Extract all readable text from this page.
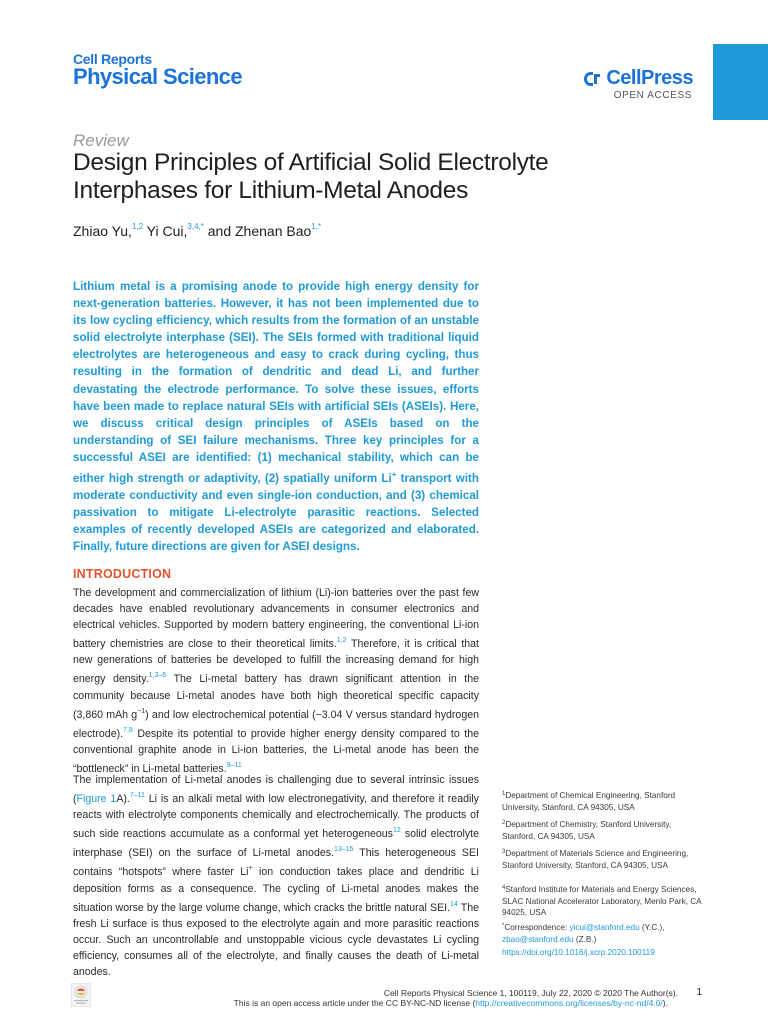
Cell Reports
Physical Science	CellPress
OPEN ACCESS
Review
Design Principles of Artificial Solid Electrolyte Interphases for Lithium-Metal Anodes
Zhiao Yu,$^{1,2}$ Yi Cui,$^{3,4,*}$ and Zhenan Bao$^{1,*}$
Lithium metal is a promising anode to provide high energy density for next-generation batteries. However, it has not been implemented due to its low cycling efficiency, which results from the formation of an unstable solid electrolyte interphase (SEI). The SEIs formed with traditional liquid electrolytes are heterogeneous and easy to crack during cycling, thus resulting in the formation of dendritic and dead Li, and further devastating the electrode performance. To solve these issues, efforts have been made to replace natural SEIs with artificial SEIs (ASEIs). Here, we discuss critical design principles of ASEIs based on the understanding of SEI failure mechanisms. Three key principles for a successful ASEI are identified: (1) mechanical stability, which can be either high strength or adaptivity, (2) spatially uniform Li+ transport with moderate conductivity and even single-ion conduction, and (3) chemical passivation to mitigate Li-electrolyte parasitic reactions. Selected examples of recently developed ASEIs are categorized and elaborated. Finally, future directions are given for ASEI designs.
INTRODUCTION
The development and commercialization of lithium (Li)-ion batteries over the past few decades have enabled revolutionary advancements in consumer electronics and electrical vehicles. Supported by modern battery engineering, the conventional Li-ion battery chemistries are close to their theoretical limits.$^{1,2}$ Therefore, it is critical that new generations of batteries be developed to fulfill the increasing demand for high energy density.$^{1,3-6}$ The Li-metal battery has drawn significant attention in the community because Li-metal anodes have both high theoretical specific capacity (3,860 mAh $g^{-1}$) and low electrochemical potential (−3.04 V versus standard hydrogen electrode).$^{7,8}$ Despite its potential to provide higher energy density compared to the conventional graphite anode in Li-ion batteries, the Li-metal anode has been the “bottleneck” in Li-metal batteries.$^{9-11}$
The implementation of Li-metal anodes is challenging due to several intrinsic issues (Figure 1A).$^{7-11}$ Li is an alkali metal with low electronegativity, and therefore it readily reacts with electrolyte components chemically and electrochemically. The products of such side reactions accumulate as a conformal yet heterogeneous$^{12}$ solid electrolyte interphase (SEI) on the surface of Li-metal anodes.$^{13-15}$ This heterogeneous SEI contains “hotspots” where faster Li+ ion conduction takes place and dendritic Li deposition forms as a consequence. The cycling of Li-metal anodes makes the situation worse by the large volume change, which cracks the brittle natural SEI.$^{14}$ The fresh Li surface is thus exposed to the electrolyte again and more parasitic reactions occur. Such an uncontrollable and unstoppable vicious cycle devastates Li cycling efficiency, consumes all of the electrolyte, and finally causes the death of Li-metal anodes.
$^1$Department of Chemical Engineering, Stanford University, Stanford, CA 94305, USA
$^2$Department of Chemistry, Stanford University, Stanford, CA 94305, USA
$^3$Department of Materials Science and Engineering, Stanford University, Stanford, CA 94305, USA
$^4$Stanford Institute for Materials and Energy Sciences, SLAC National Accelerator Laboratory, Menlo Park, CA 94025, USA
*Correspondence: yicui@stanford.edu (Y.C.),
zbao@stanford.edu (Z.B.)
https://doi.org/10.1016/j.xcrp.2020.100119
Cell Reports Physical Science 1, 100119, July 22, 2020 © 2020 The Author(s).
This is an open access article under the CC BY-NC-ND license (http://creativecommons.org/licenses/by-nc-nd/4.0/).
1
